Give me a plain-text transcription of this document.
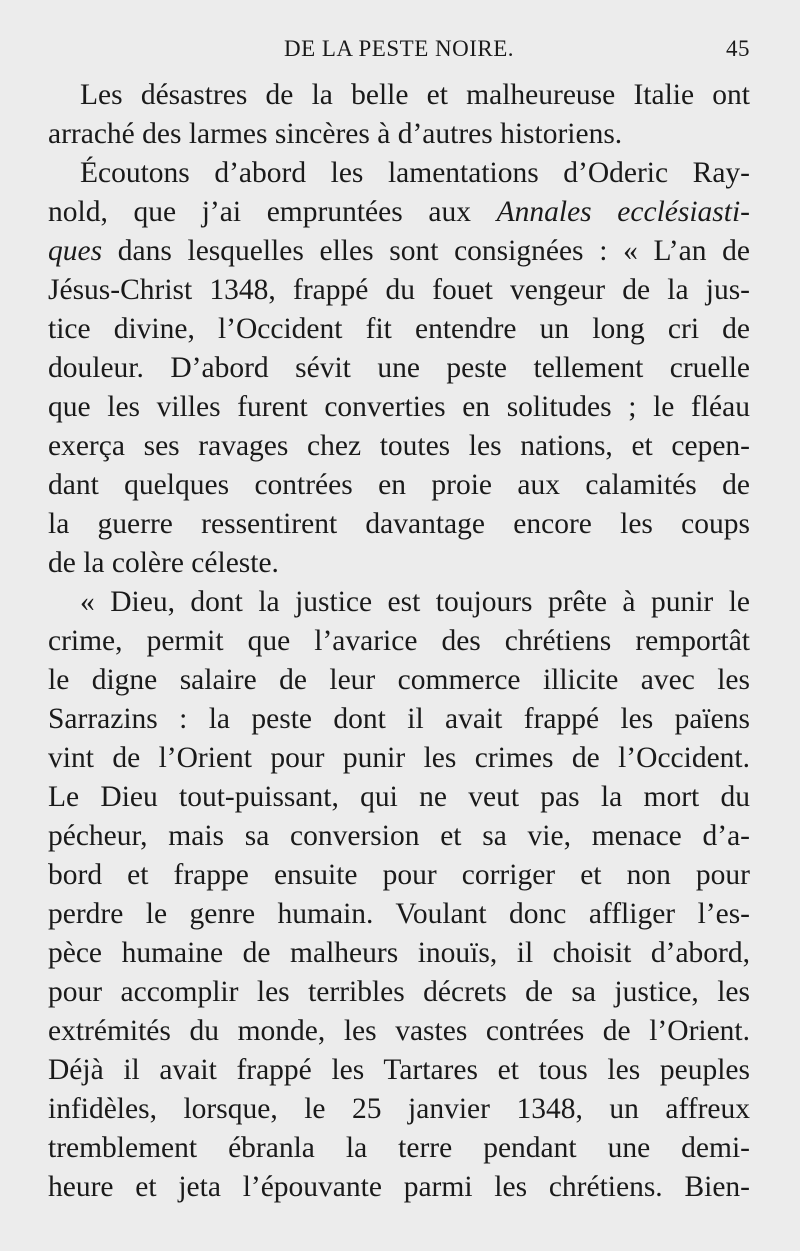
DE LA PESTE NOIRE.	45
Les désastres de la belle et malheureuse Italie ont
arraché des larmes sincères à d’autres historiens.
Écoutons d’abord les lamentations d’Oderic Ray-
nold, que j’ai empruntées aux Annales ecclésiasti-
ques dans lesquelles elles sont consignées : « L’an de
Jésus-Christ 1348, frappé du fouet vengeur de la jus-
tice divine, l’Occident fit entendre un long cri de
douleur. D’abord sévit une peste tellement cruelle
que les villes furent converties en solitudes ; le fléau
exerça ses ravages chez toutes les nations, et cepen-
dant quelques contrées en proie aux calamités de
la guerre ressentirent davantage encore les coups
de la colère céleste.
« Dieu, dont la justice est toujours prête à punir le
crime, permit que l’avarice des chrétiens remportât
le digne salaire de leur commerce illicite avec les
Sarrazins : la peste dont il avait frappé les païens
vint de l’Orient pour punir les crimes de l’Occident.
Le Dieu tout-puissant, qui ne veut pas la mort du
pécheur, mais sa conversion et sa vie, menace d’a-
bord et frappe ensuite pour corriger et non pour
perdre le genre humain. Voulant donc affliger l’es-
pèce humaine de malheurs inouïs, il choisit d’abord,
pour accomplir les terribles décrets de sa justice, les
extrémités du monde, les vastes contrées de l’Orient.
Déjà il avait frappé les Tartares et tous les peuples
infidèles, lorsque, le 25 janvier 1348, un affreux
tremblement ébranla la terre pendant une demi-
heure et jeta l’épouvante parmi les chrétiens. Bien-
